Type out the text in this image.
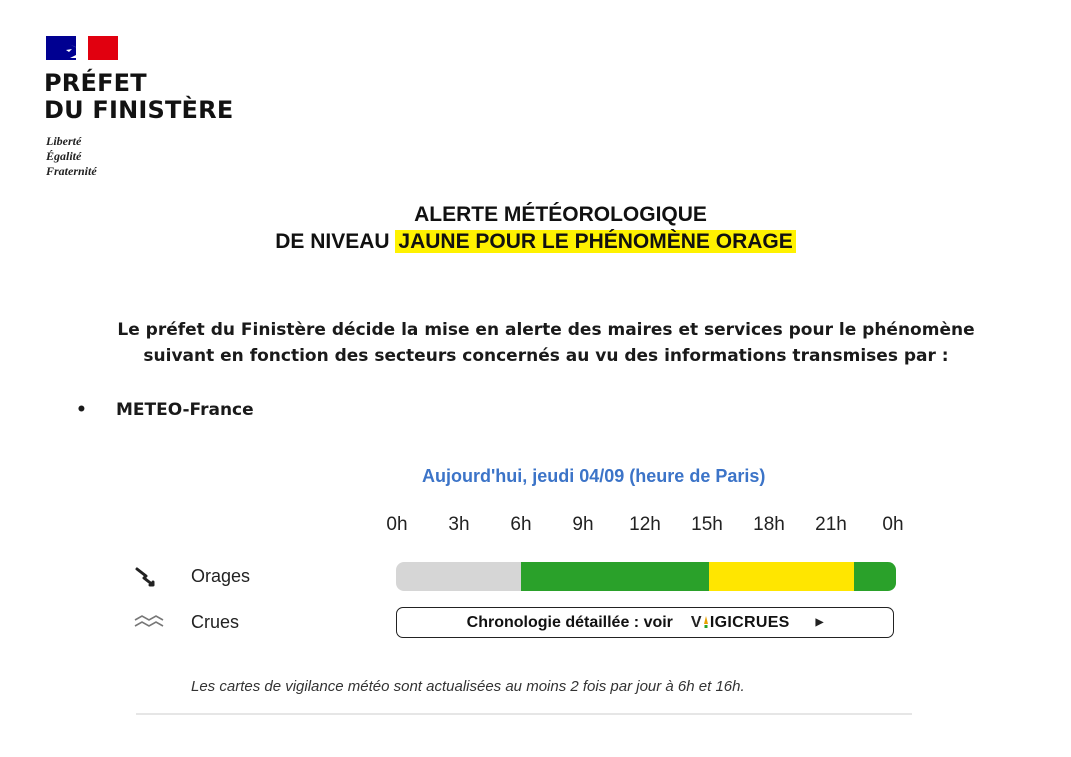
PRÉFET
DU FINISTÈRE
Liberté
Égalité
Fraternité
ALERTE MÉTÉOROLOGIQUE
DE NIVEAU JAUNE POUR LE PHÉNOMÈNE ORAGE
Le préfet du Finistère décide la mise en alerte des maires et services pour le phénomène
suivant en fonction des secteurs concernés au vu des informations transmises par :
• METEO-France
Aujourd'hui, jeudi 04/09 (heure de Paris)
0h	3h	6h	9h	12h 15h 18h 21h	0h
Orages
Crues	Chronologie détaillée : voir V IGICRUES	▶
Les cartes de vigilance météo sont actualisées au moins 2 fois par jour à 6h et 16h.
